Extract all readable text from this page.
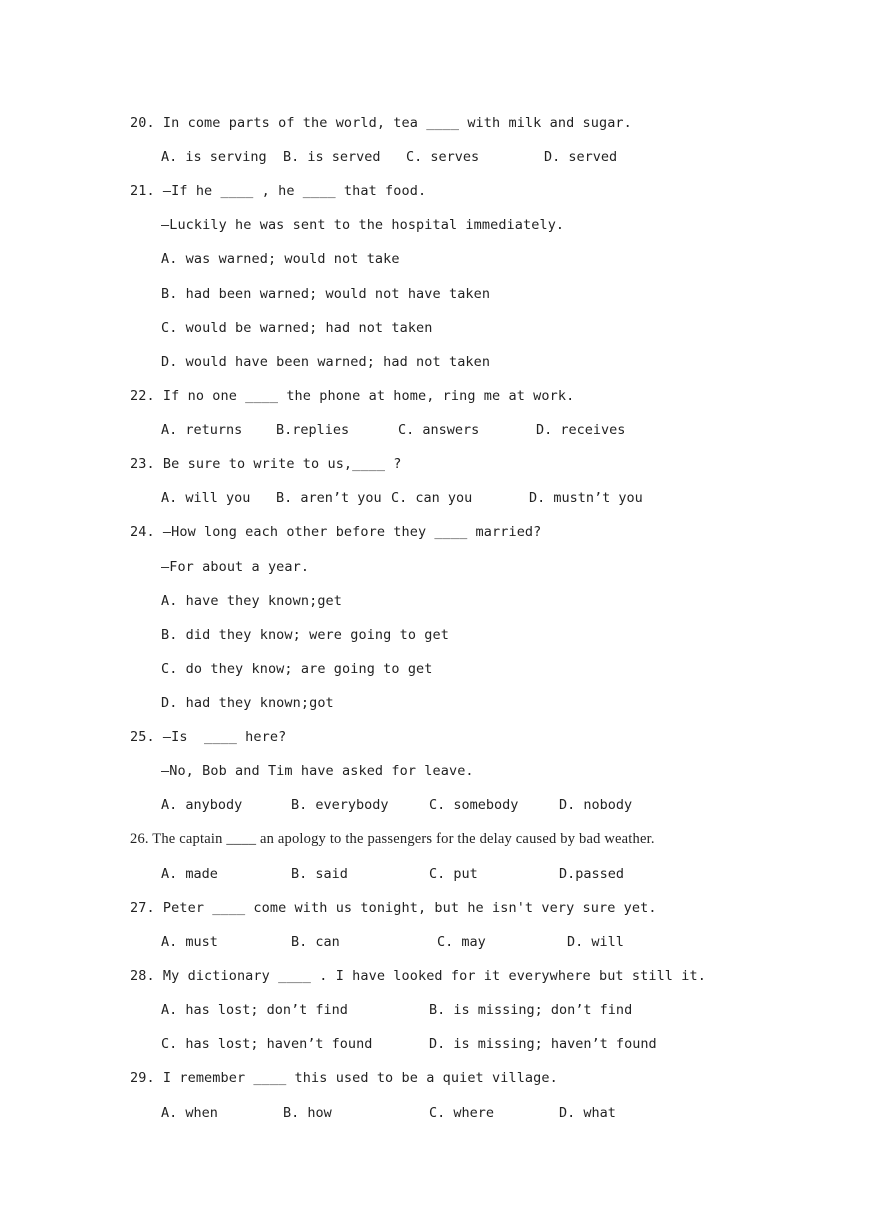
20. In come parts of the world, tea ____ with milk and sugar.
A. is serving B. is served C. serves	D. served
21. —If he ____ , he ____ that food.
—Luckily he was sent to the hospital immediately.
A. was warned; would not take
B. had been warned; would not have taken
C. would be warned; had not taken
D. would have been warned; had not taken
22. If no one ____ the phone at home, ring me at work.
A. returns B.replies	C. answers	D. receives
23. Be sure to write to us,____ ?
A. will you B. aren’t you C. can you	D. mustn’t you
24. —How long each other before they ____ married?
—For about a year.
A. have they known;get
B. did they know; were going to get
C. do they know; are going to get
D. had they known;got
25. —Is  ____ here?
—No, Bob and Tim have asked for leave.
A. anybody	B. everybody	C. somebody	D. nobody
26. The captain ____ an apology to the passengers for the delay caused by bad weather.
A. made	B. said	C. put	D.passed
27. Peter ____ come with us tonight, but he isn't very sure yet.
A. must	B. can	C. may	D. will
28. My dictionary ____ . I have looked for it everywhere but still it.
A. has lost; don’t find	B. is missing; don’t find
C. has lost; haven’t found	D. is missing; haven’t found
29. I remember ____ this used to be a quiet village.
A. when	B. how	C. where	D. what
